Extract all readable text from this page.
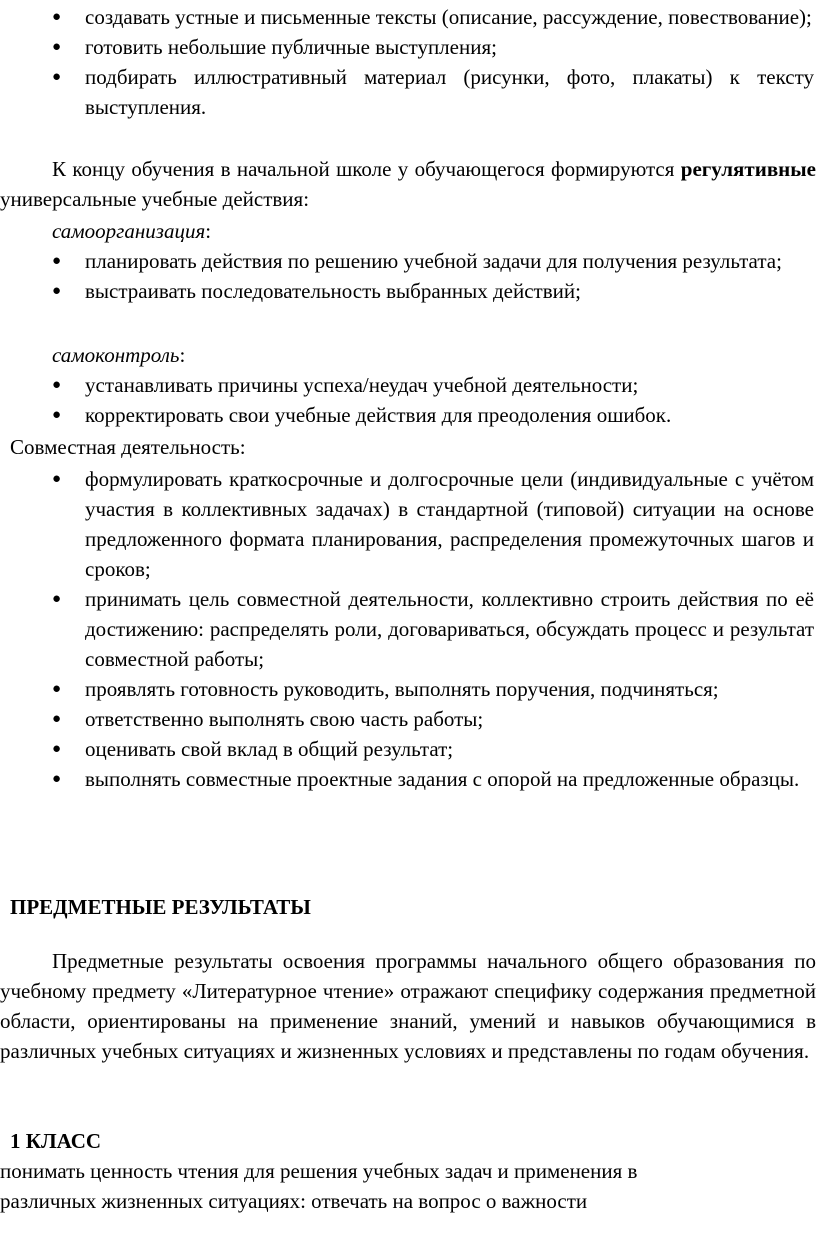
● создавать устные и письменные тексты (описание, рассуждение, повествование);
● готовить небольшие публичные выступления;
● подбирать иллюстративный материал (рисунки, фото, плакаты) к тексту выступления.

К концу обучения в начальной школе у обучающегося формируются регулятивные универсальные учебные действия:

самоорганизация:
● планировать действия по решению учебной задачи для получения результата;
● выстраивать последовательность выбранных действий;
самоконтроль:
● устанавливать причины успеха/неудач учебной деятельности;
● корректировать свои учебные действия для преодоления ошибок.
Совместная деятельность:
● формулировать краткосрочные и долгосрочные цели (индивидуальные с учётом участия в коллективных задачах) в стандартной (типовой) ситуации на основе предложенного формата планирования, распределения промежуточных шагов и сроков;
● принимать цель совместной деятельности, коллективно строить действия по её достижению: распределять роли, договариваться, обсуждать процесс и результат совместной работы;
● проявлять готовность руководить, выполнять поручения, подчиняться;
● ответственно выполнять свою часть работы;
● оценивать свой вклад в общий результат;
● выполнять совместные проектные задания с опорой на предложенные образцы.
ПРЕДМЕТНЫЕ РЕЗУЛЬТАТЫ

Предметные результаты освоения программы начального общего образования по учебному предмету «Литературное чтение» отражают специфику содержания предметной области, ориентированы на применение знаний, умений и навыков обучающимися в различных учебных ситуациях и жизненных условиях и представлены по годам обучения.

1 КЛАСС
понимать ценность чтения для решения учебных задач и применения в
различных жизненных ситуациях: отвечать на вопрос о важности
